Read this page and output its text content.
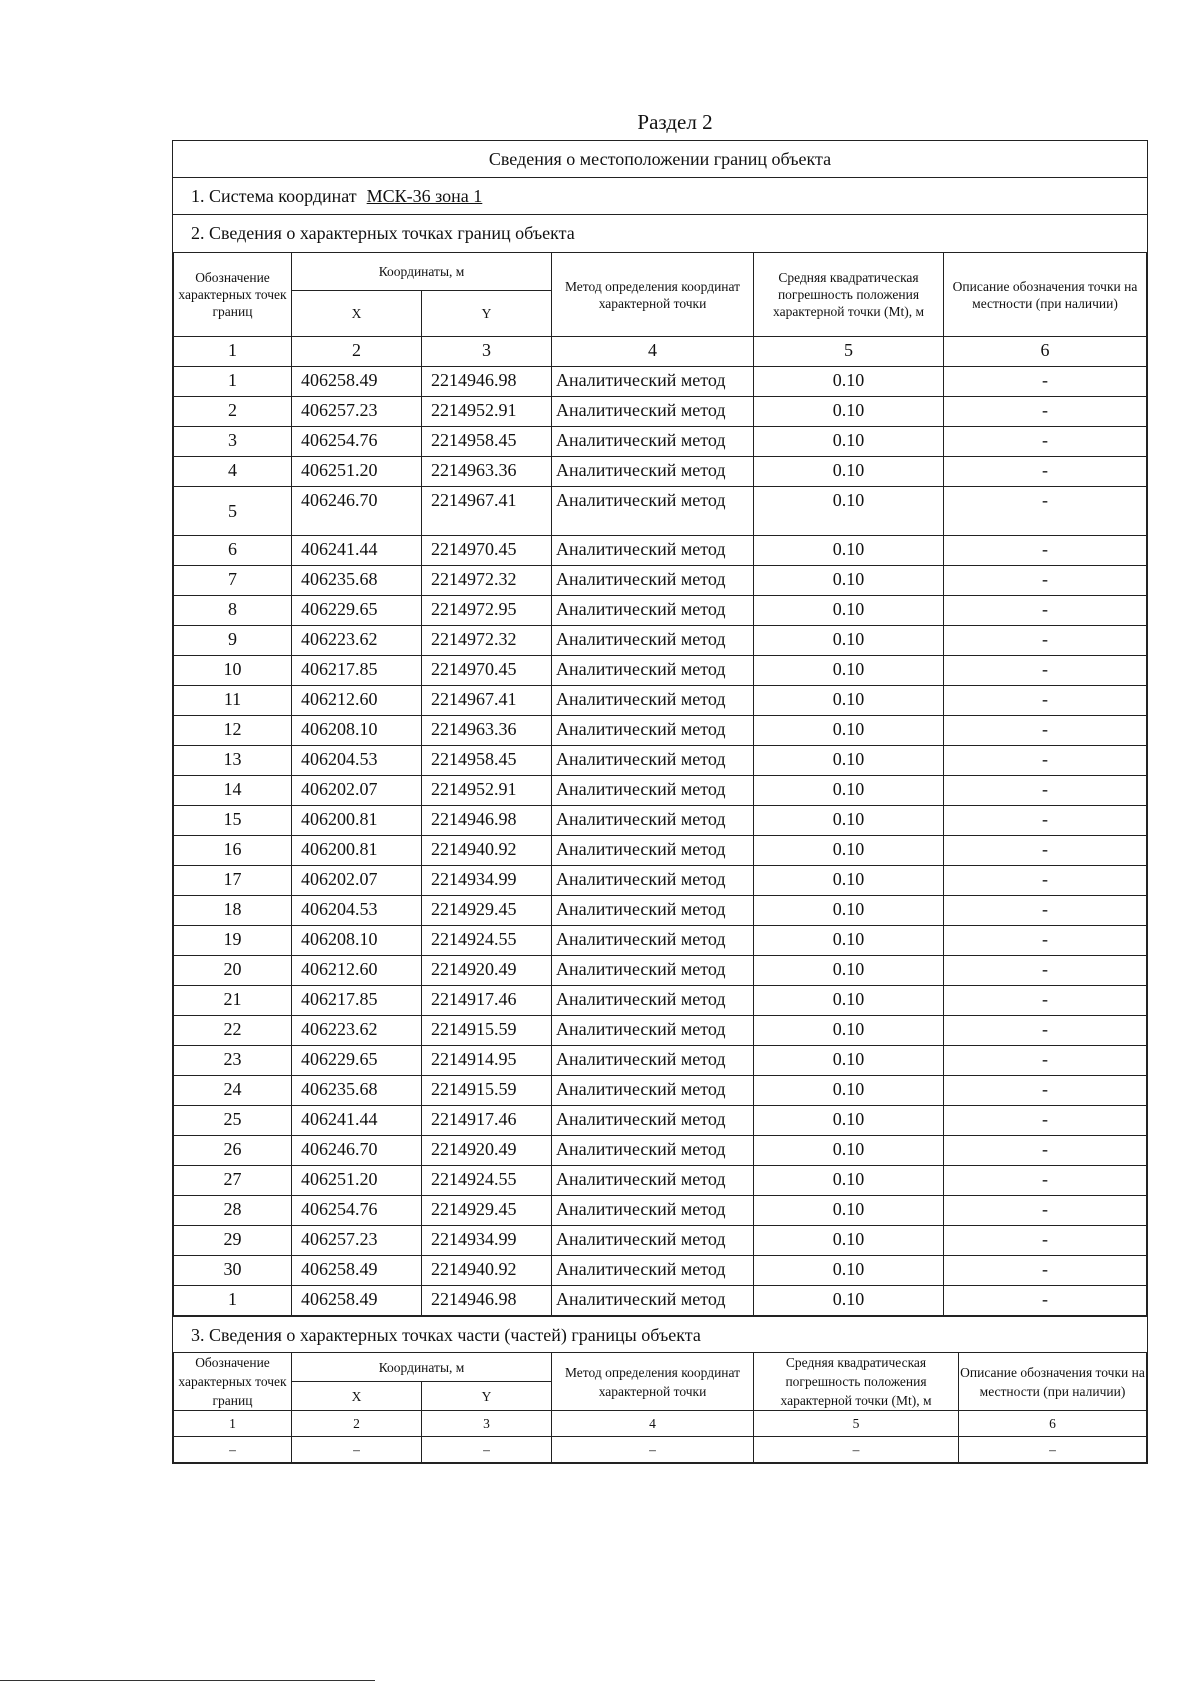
Раздел 2
Сведения о местоположении границ объекта
1. Система координат МСК-36 зона 1
2. Сведения о характерных точках границ объекта
Обозначение характерных точек границ	Координаты, м		Метод определения координат характерной точки	Средняя квадратическая погрешность положения характерной точки (Mt), м	Описание обозначения точки на местности (при наличии)
	X	Y			
1	2	3	4	5	6
1	406258.49	2214946.98	Аналитический метод	0.10	-
2	406257.23	2214952.91	Аналитический метод	0.10	-
3	406254.76	2214958.45	Аналитический метод	0.10	-
4	406251.20	2214963.36	Аналитический метод	0.10	-
5	406246.70	2214967.41	Аналитический метод	0.10	-
6	406241.44	2214970.45	Аналитический метод	0.10	-
7	406235.68	2214972.32	Аналитический метод	0.10	-
8	406229.65	2214972.95	Аналитический метод	0.10	-
9	406223.62	2214972.32	Аналитический метод	0.10	-
10	406217.85	2214970.45	Аналитический метод	0.10	-
11	406212.60	2214967.41	Аналитический метод	0.10	-
12	406208.10	2214963.36	Аналитический метод	0.10	-
13	406204.53	2214958.45	Аналитический метод	0.10	-
14	406202.07	2214952.91	Аналитический метод	0.10	-
15	406200.81	2214946.98	Аналитический метод	0.10	-
16	406200.81	2214940.92	Аналитический метод	0.10	-
17	406202.07	2214934.99	Аналитический метод	0.10	-
18	406204.53	2214929.45	Аналитический метод	0.10	-
19	406208.10	2214924.55	Аналитический метод	0.10	-
20	406212.60	2214920.49	Аналитический метод	0.10	-
21	406217.85	2214917.46	Аналитический метод	0.10	-
22	406223.62	2214915.59	Аналитический метод	0.10	-
23	406229.65	2214914.95	Аналитический метод	0.10	-
24	406235.68	2214915.59	Аналитический метод	0.10	-
25	406241.44	2214917.46	Аналитический метод	0.10	-
26	406246.70	2214920.49	Аналитический метод	0.10	-
27	406251.20	2214924.55	Аналитический метод	0.10	-
28	406254.76	2214929.45	Аналитический метод	0.10	-
29	406257.23	2214934.99	Аналитический метод	0.10	-
30	406258.49	2214940.92	Аналитический метод	0.10	-
1	406258.49	2214946.98	Аналитический метод	0.10	-
3. Сведения о характерных точках части (частей) границы объекта
Обозначение характерных точек границ	Координаты, м		Метод определения координат характерной точки	Средняя квадратическая погрешность положения характерной точки (Mt), м	Описание обозначения точки на местности (при наличии)
	X	Y			
1	2	3	4	5	6
–	–	–	–	–	–
